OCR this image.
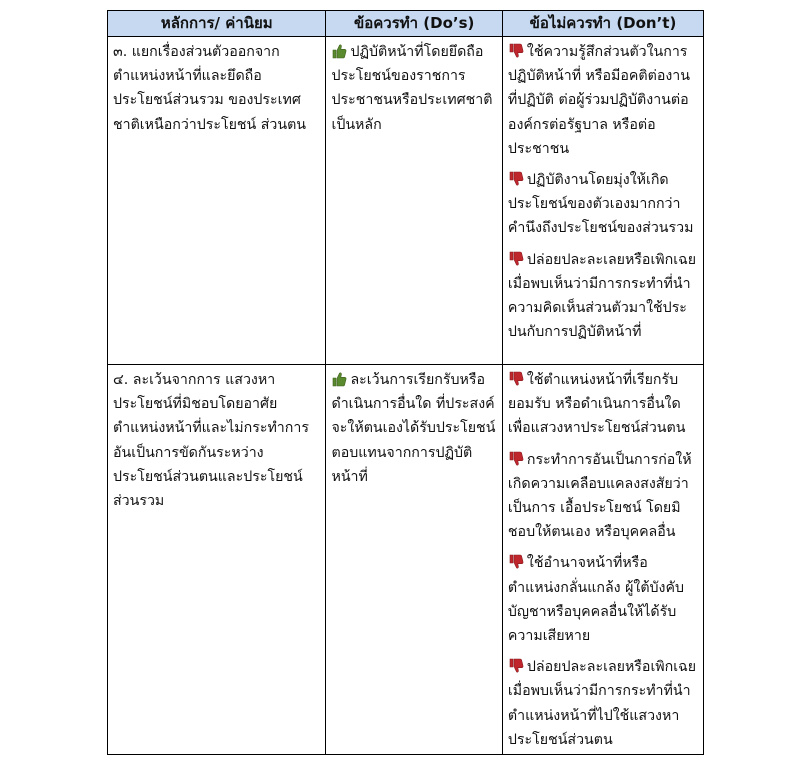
หลักการ/ ค่านิยม	ข้อควรทำ (Do’s)	ข้อไม่ควรทำ (Don’t)

๓. แยกเรื่องส่วนตัวออกจากตำแหน่งหน้าที่และยึดถือประโยชน์ส่วนรวม ของประเทศชาติเหนือกว่าประโยชน์ ส่วนตน	ปฏิบัติหน้าที่โดยยึดถือประโยชน์ของราชการประชาชนหรือประเทศชาติเป็นหลัก	ใช้ความรู้สึกส่วนตัวในการปฏิบัติหน้าที่ หรือมีอคติต่องานที่ปฏิบัติ ต่อผู้ร่วมปฏิบัติงานต่อองค์กรต่อรัฐบาล หรือต่อประชาชน
ปฏิบัติงานโดยมุ่งให้เกิดประโยชน์ของตัวเองมากกว่าคำนึงถึงประโยชน์ของส่วนรวม
ปล่อยปละละเลยหรือเพิกเฉยเมื่อพบเห็นว่ามีการกระทำที่นำความคิดเห็นส่วนตัวมาใช้ประปนกับการปฏิบัติหน้าที่

๔. ละเว้นจากการ แสวงหาประโยชน์ที่มิชอบโดยอาศัยตำแหน่งหน้าที่และไม่กระทำการอันเป็นการขัดกันระหว่าง ประโยชน์ส่วนตนและประโยชน์ส่วนรวม	ละเว้นการเรียกรับหรือดำเนินการอื่นใด ที่ประสงค์จะให้ตนเองได้รับประโยชน์ตอบแทนจากการปฏิบัติหน้าที่	ใช้ตำแหน่งหน้าที่เรียกรับยอมรับ หรือดำเนินการอื่นใดเพื่อแสวงหาประโยชน์ส่วนตน
กระทำการอันเป็นการก่อให้เกิดความเคลือบแคลงสงสัยว่าเป็นการ เอื้อประโยชน์ โดยมิชอบให้ตนเอง หรือบุคคลอื่น
ใช้อำนาจหน้าที่หรือตำแหน่งกลั่นแกล้ง ผู้ใต้บังคับบัญชาหรือบุคคลอื่นให้ได้รับความเสียหาย
ปล่อยปละละเลยหรือเพิกเฉยเมื่อพบเห็นว่ามีการกระทำที่นำตำแหน่งหน้าที่ไปใช้แสวงหาประโยชน์ส่วนตน
